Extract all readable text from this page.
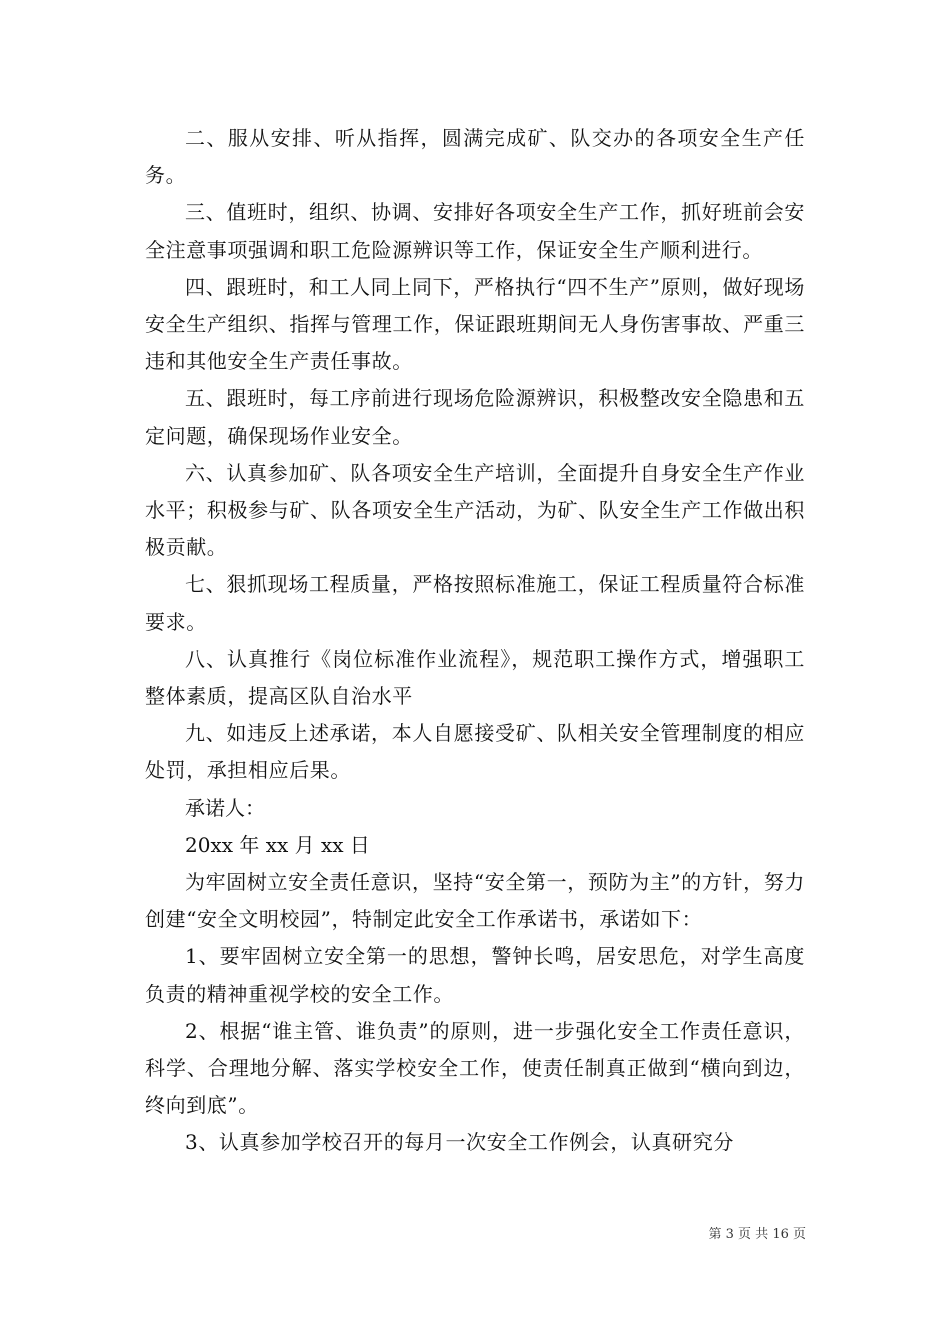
二、服从安排、听从指挥，圆满完成矿、队交办的各项安全生产任务。

三、值班时，组织、协调、安排好各项安全生产工作，抓好班前会安全注意事项强调和职工危险源辨识等工作，保证安全生产顺利进行。

四、跟班时，和工人同上同下，严格执行“四不生产”原则，做好现场安全生产组织、指挥与管理工作，保证跟班期间无人身伤害事故、严重三违和其他安全生产责任事故。

五、跟班时，每工序前进行现场危险源辨识，积极整改安全隐患和五定问题，确保现场作业安全。

六、认真参加矿、队各项安全生产培训，全面提升自身安全生产作业水平；积极参与矿、队各项安全生产活动，为矿、队安全生产工作做出积极贡献。

七、狠抓现场工程质量，严格按照标准施工，保证工程质量符合标准要求。

八、认真推行《岗位标准作业流程》，规范职工操作方式，增强职工整体素质，提高区队自治水平

九、如违反上述承诺，本人自愿接受矿、队相关安全管理制度的相应处罚，承担相应后果。

承诺人：

20xx 年 xx 月 xx 日

为牢固树立安全责任意识，坚持“安全第一，预防为主”的方针，努力创建“安全文明校园”，特制定此安全工作承诺书，承诺如下：

1、要牢固树立安全第一的思想，警钟长鸣，居安思危，对学生高度负责的精神重视学校的安全工作。

2、根据“谁主管、谁负责”的原则，进一步强化安全工作责任意识，科学、合理地分解、落实学校安全工作，使责任制真正做到“横向到边，终向到底”。

3、认真参加学校召开的每月一次安全工作例会，认真研究分

第 3 页 共 16 页
